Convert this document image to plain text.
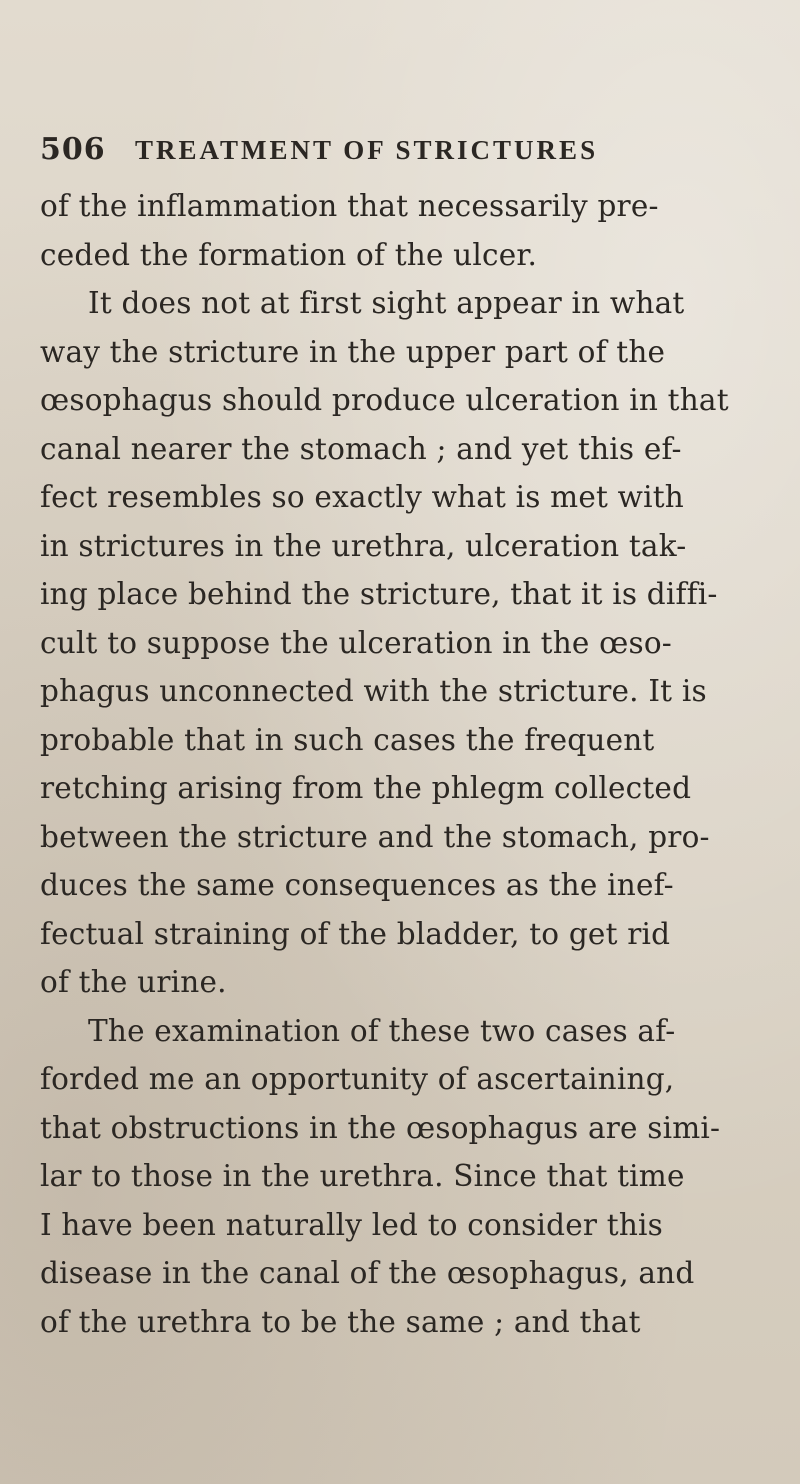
506	TREATMENT OF STRICTURES
of the inflammation that necessarily pre-
ceded the formation of the ulcer.
It does not at first sight appear in what
way the stricture in the upper part of the
œsophagus should produce ulceration in that
canal nearer the stomach ; and yet this ef-
fect resembles so exactly what is met with
in strictures in the urethra, ulceration tak-
ing place behind the stricture, that it is diffi-
cult to suppose the ulceration in the œso-
phagus unconnected with the stricture. It is
probable that in such cases the frequent
retching arising from the phlegm collected
between the stricture and the stomach, pro-
duces the same consequences as the inef-
fectual straining of the bladder, to get rid
of the urine.
The examination of these two cases af-
forded me an opportunity of ascertaining,
that obstructions in the œsophagus are simi-
lar to those in the urethra. Since that time
I have been naturally led to consider this
disease in the canal of the œsophagus, and
of the urethra to be the same ; and that
